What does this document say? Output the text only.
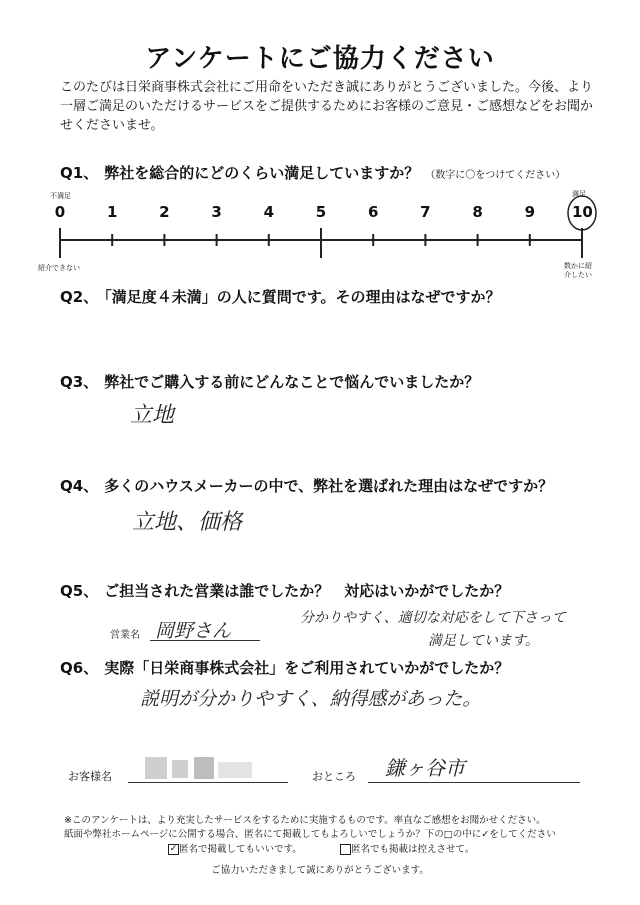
アンケートにご協力ください
このたびは日栄商事株式会社にご用命をいただき誠にありがとうございました。今後、より一層ご満足のいただけるサービスをご提供するためにお客様のご意見・ご感想などをお聞かせくださいませ。
Q1、 弊社を総合的にどのくらい満足していますか？ （数字に〇をつけてください）
不満足	満足
0	1	2	3	4	5	6	7	8	9	10
紹介できない	数かに紹介したい
Q2、 「満足度４未満」の人に質問です。その理由はなぜですか？
Q3、 弊社でご購入する前にどんなことで悩んでいましたか？
立地
Q4、 多くのハウスメーカーの中で、弊社を選ばれた理由はなぜですか？
立地、価格
Q5、 ご担当された営業は誰でしたか？　対応はいかがでしたか？
営業名 岡野さん
分かりやすく、適切な対応をして下さって
満足しています。
Q6、 実際「日栄商事株式会社」をご利用されていかがでしたか？
説明が分かりやすく、納得感があった。
お客様名	おところ 鎌ヶ谷市
※このアンケートは、より充実したサービスをするために実施するものです。率直なご感想をお聞かせください。
紙面や弊社ホームページに公開する場合、匿名にて掲載してもよろしいでしょうか？下の□の中に✓をしてください
✓ 匿名で掲載してもいいです。	匿名でも掲載は控えさせて。
ご協力いただきまして誠にありがとうございます。
